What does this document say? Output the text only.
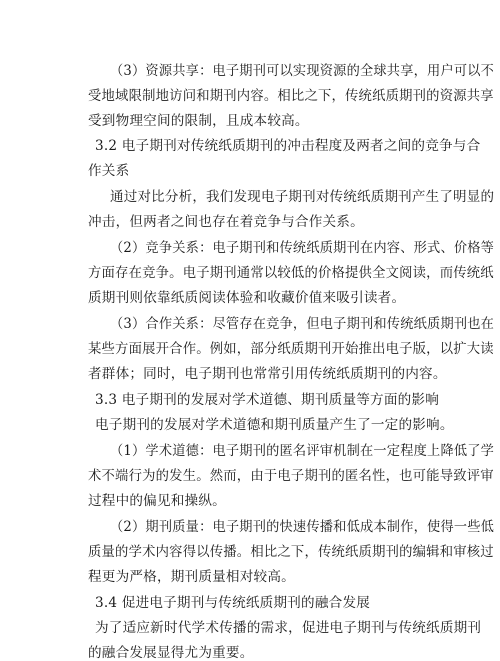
（3）资源共享：电子期刊可以实现资源的全球共享，用户可以不
受地域限制地访问和期刊内容。相比之下，传统纸质期刊的资源共享
受到物理空间的限制，且成本较高。
3.2 电子期刊对传统纸质期刊的冲击程度及两者之间的竞争与合
作关系
通过对比分析，我们发现电子期刊对传统纸质期刊产生了明显的
冲击，但两者之间也存在着竞争与合作关系。
（2）竞争关系：电子期刊和传统纸质期刊在内容、形式、价格等
方面存在竞争。电子期刊通常以较低的价格提供全文阅读，而传统纸
质期刊则依靠纸质阅读体验和收藏价值来吸引读者。
（3）合作关系：尽管存在竞争，但电子期刊和传统纸质期刊也在
某些方面展开合作。例如，部分纸质期刊开始推出电子版，以扩大读
者群体；同时，电子期刊也常常引用传统纸质期刊的内容。
3.3 电子期刊的发展对学术道德、期刊质量等方面的影响
电子期刊的发展对学术道德和期刊质量产生了一定的影响。
（1）学术道德：电子期刊的匿名评审机制在一定程度上降低了学
术不端行为的发生。然而，由于电子期刊的匿名性，也可能导致评审
过程中的偏见和操纵。
（2）期刊质量：电子期刊的快速传播和低成本制作，使得一些低
质量的学术内容得以传播。相比之下，传统纸质期刊的编辑和审核过
程更为严格，期刊质量相对较高。
3.4 促进电子期刊与传统纸质期刊的融合发展
为了适应新时代学术传播的需求，促进电子期刊与传统纸质期刊
的融合发展显得尤为重要。
